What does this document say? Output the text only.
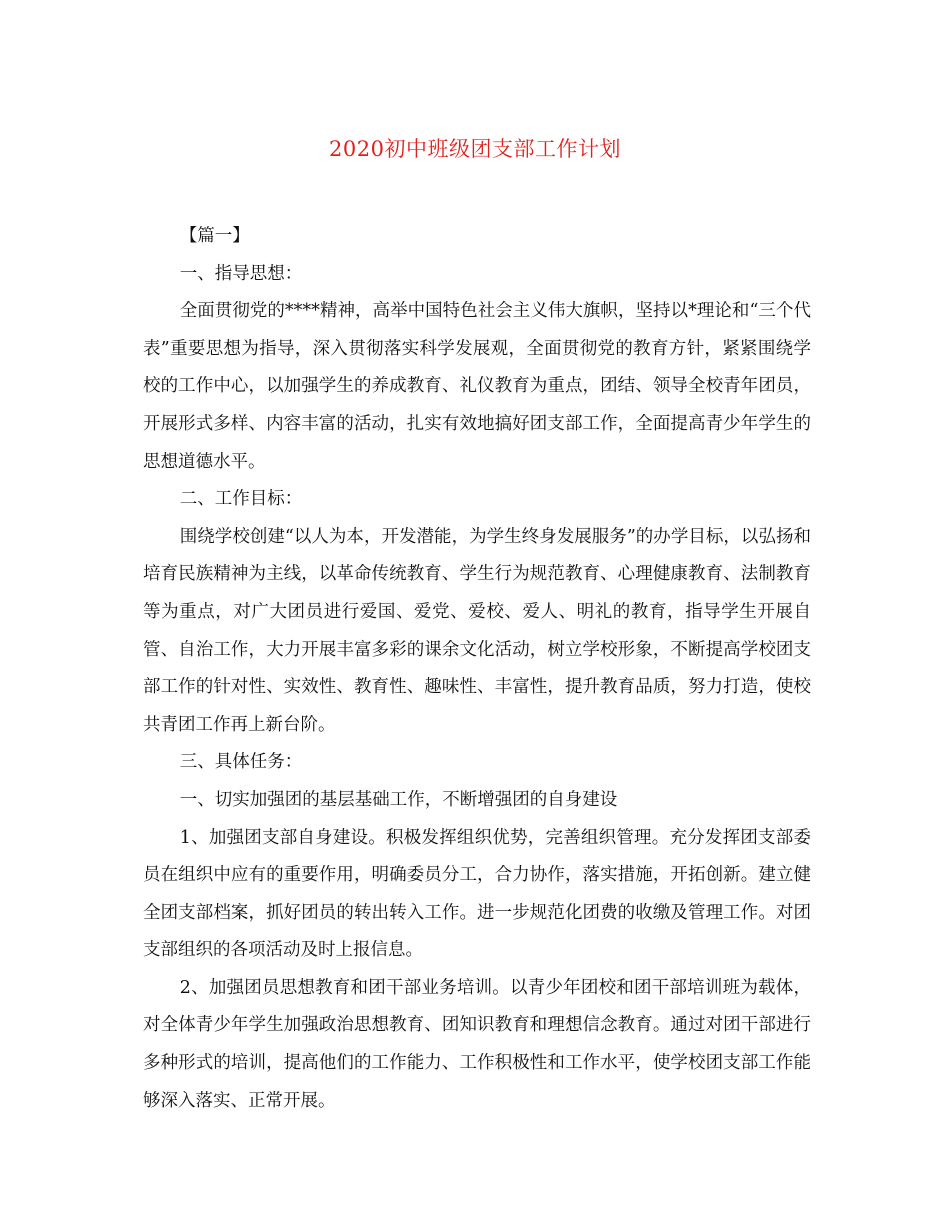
2020初中班级团支部工作计划

【篇一】

一、指导思想：

全面贯彻党的****精神，高举中国特色社会主义伟大旗帜，坚持以*理论和“三个代表”重要思想为指导，深入贯彻落实科学发展观，全面贯彻党的教育方针，紧紧围绕学校的工作中心，以加强学生的养成教育、礼仪教育为重点，团结、领导全校青年团员，开展形式多样、内容丰富的活动，扎实有效地搞好团支部工作，全面提高青少年学生的思想道德水平。

二、工作目标：

围绕学校创建“以人为本，开发潜能，为学生终身发展服务”的办学目标，以弘扬和培育民族精神为主线，以革命传统教育、学生行为规范教育、心理健康教育、法制教育等为重点，对广大团员进行爱国、爱党、爱校、爱人、明礼的教育，指导学生开展自管、自治工作，大力开展丰富多彩的课余文化活动，树立学校形象，不断提高学校团支部工作的针对性、实效性、教育性、趣味性、丰富性，提升教育品质，努力打造，使校共青团工作再上新台阶。

三、具体任务：

一、切实加强团的基层基础工作，不断增强团的自身建设

1、加强团支部自身建设。积极发挥组织优势，完善组织管理。充分发挥团支部委员在组织中应有的重要作用，明确委员分工，合力协作，落实措施，开拓创新。建立健全团支部档案，抓好团员的转出转入工作。进一步规范化团费的收缴及管理工作。对团支部组织的各项活动及时上报信息。

2、加强团员思想教育和团干部业务培训。以青少年团校和团干部培训班为载体，对全体青少年学生加强政治思想教育、团知识教育和理想信念教育。通过对团干部进行多种形式的培训，提高他们的工作能力、工作积极性和工作水平，使学校团支部工作能够深入落实、正常开展。
